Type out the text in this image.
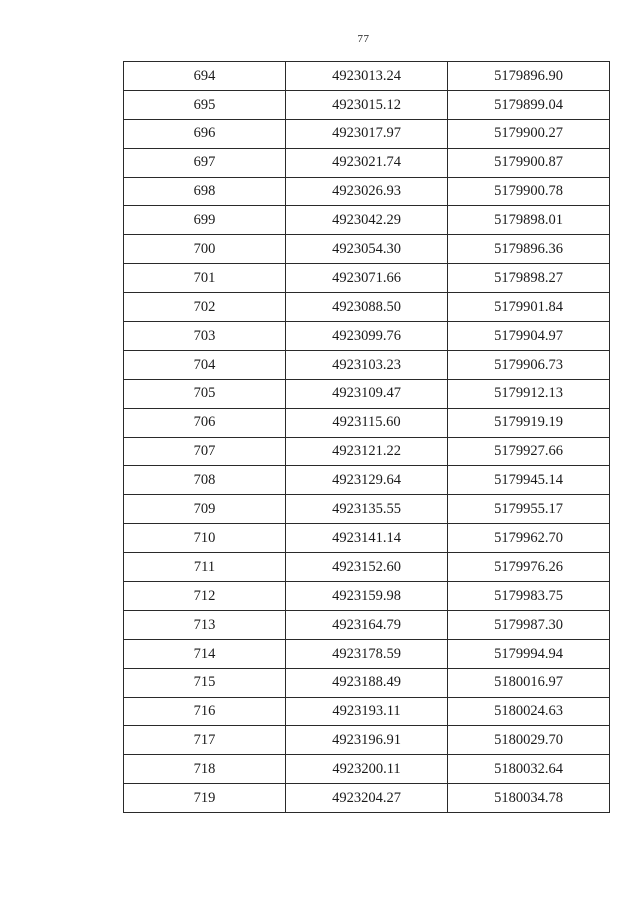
77
694	4923013.24	5179896.90
695	4923015.12	5179899.04
696	4923017.97	5179900.27
697	4923021.74	5179900.87
698	4923026.93	5179900.78
699	4923042.29	5179898.01
700	4923054.30	5179896.36
701	4923071.66	5179898.27
702	4923088.50	5179901.84
703	4923099.76	5179904.97
704	4923103.23	5179906.73
705	4923109.47	5179912.13
706	4923115.60	5179919.19
707	4923121.22	5179927.66
708	4923129.64	5179945.14
709	4923135.55	5179955.17
710	4923141.14	5179962.70
711	4923152.60	5179976.26
712	4923159.98	5179983.75
713	4923164.79	5179987.30
714	4923178.59	5179994.94
715	4923188.49	5180016.97
716	4923193.11	5180024.63
717	4923196.91	5180029.70
718	4923200.11	5180032.64
719	4923204.27	5180034.78
